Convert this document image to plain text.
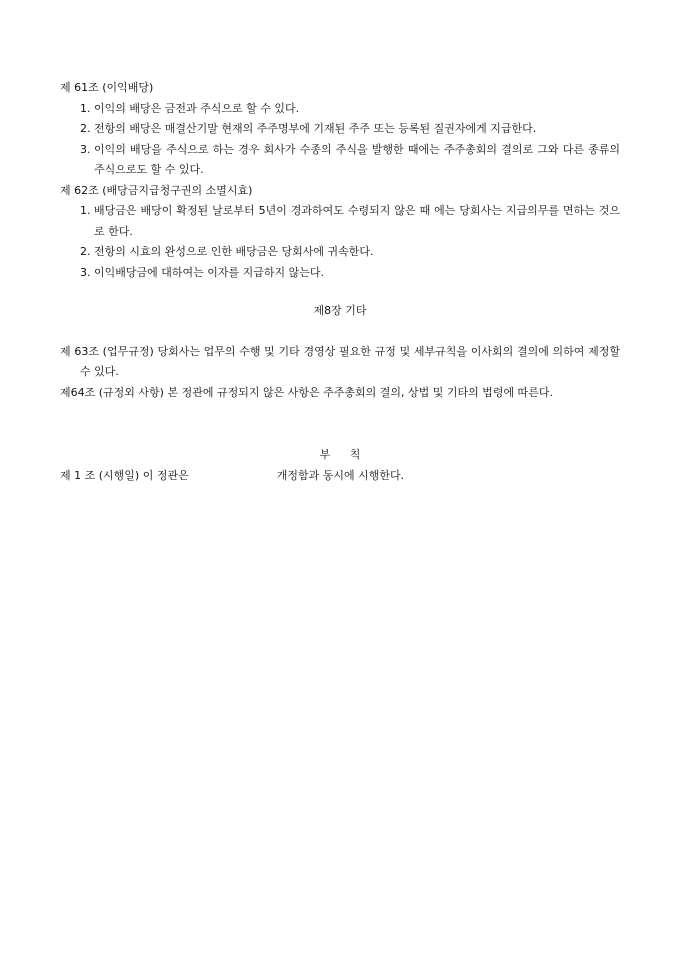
제 61조 (이익배당)
1. 이익의 배당은 금전과 주식으로 할 수 있다.
2. 전항의 배당은 매결산기말 현재의 주주명부에 기재된 주주 또는 등록된 질권자에게 지급한다.
3. 이익의 배당을 주식으로 하는 경우 회사가 수종의 주식을 발행한 때에는 주주총회의 결의로 그와 다른 종류의 주식으로도 할 수 있다.
제 62조 (배당금지급청구권의 소멸시효)
1. 배당금은 배당이 확정된 날로부터 5년이 경과하여도 수령되지 않은 때 에는 당회사는 지급의무를 면하는 것으로 한다.
2. 전항의 시효의 완성으로 인한 배당금은 당회사에 귀속한다.
3. 이익배당금에 대하여는 이자를 지급하지 않는다.
제8장 기타
제 63조 (업무규정) 당회사는 업무의 수행 및 기타 경영상 필요한 규정 및 세부규칙을 이사회의 결의에 의하여 제정할 수 있다.
제64조 (규정외 사항) 본 정관에 규정되지 않은 사항은 주주총회의 결의, 상법 및 기타의 법령에 따른다.
부 칙
제 1 조 (시행일) 이 정관은	개정함과 동시에 시행한다.
